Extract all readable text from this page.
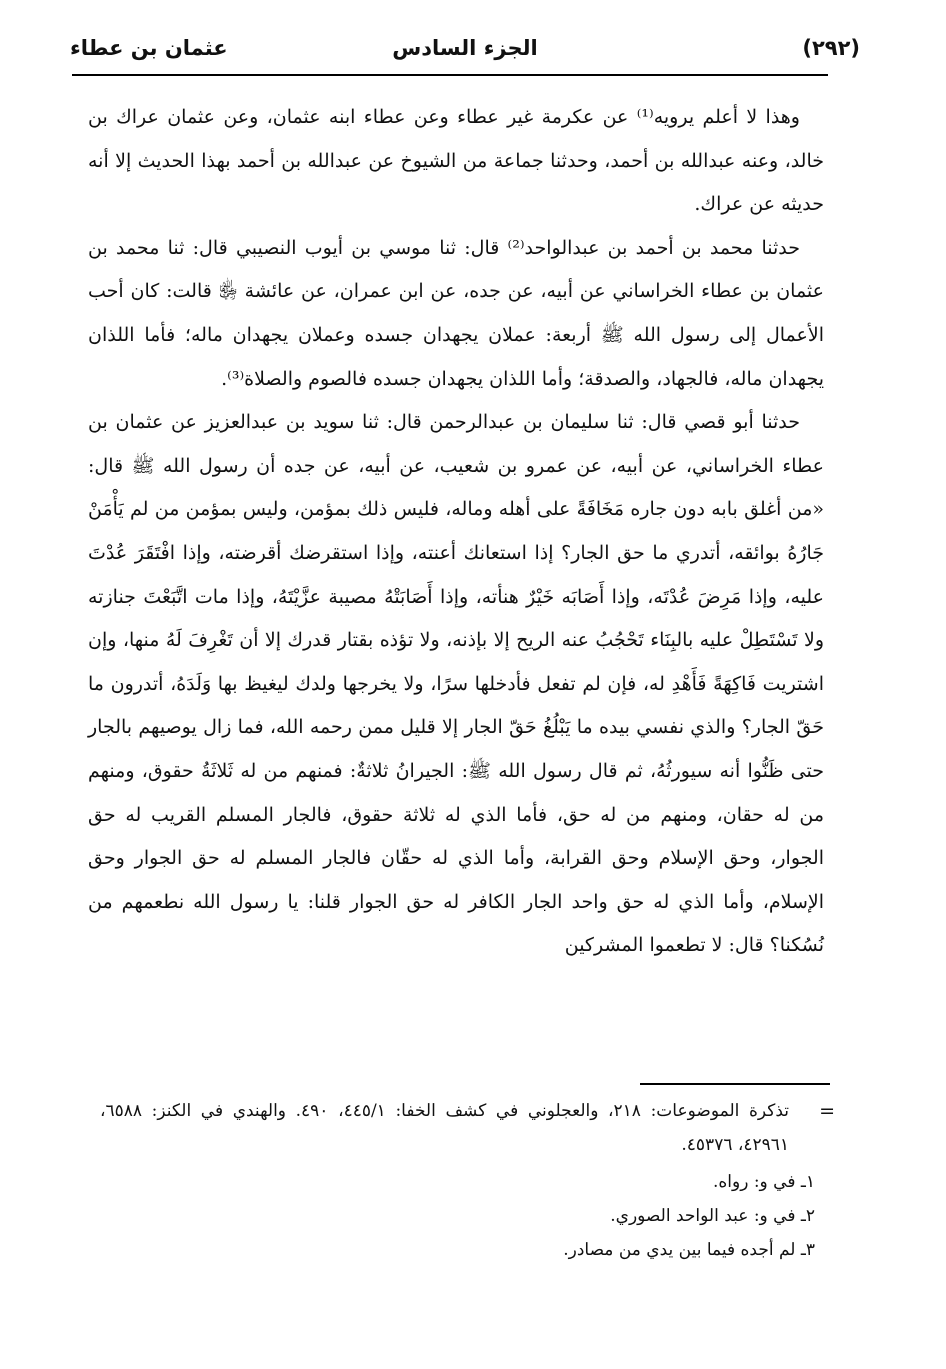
(٢٩٢)
الجزء السادس
عثمان بن عطاء

وهذا لا أعلم يرويه⁽¹⁾ عن عكرمة غير عطاء وعن عطاء ابنه عثمان، وعن عثمان عراك بن خالد، وعنه عبدالله بن أحمد، وحدثنا جماعة من الشيوخ عن عبدالله بن أحمد بهذا الحديث إلا أنه حديثه عن عراك.

حدثنا محمد بن أحمد بن عبدالواحد⁽²⁾ قال: ثنا موسي بن أيوب النصيبي قال: ثنا محمد بن عثمان بن عطاء الخراساني عن أبيه، عن جده، عن ابن عمران، عن عائشة ﵂ قالت: كان أحب الأعمال إلى رسول الله ﷺ أربعة: عملان يجهدان جسده وعملان يجهدان ماله؛ فأما اللذان يجهدان ماله، فالجهاد، والصدقة؛ وأما اللذان يجهدان جسده فالصوم والصلاة⁽³⁾.

حدثنا أبو قصي قال: ثنا سليمان بن عبدالرحمن قال: ثنا سويد بن عبدالعزيز عن عثمان بن عطاء الخراساني، عن أبيه، عن عمرو بن شعيب، عن أبيه، عن جده أن رسول الله ﷺ قال: «من أغلق بابه دون جاره مَخَافَةً على أهله وماله، فليس ذلك بمؤمن، وليس بمؤمن من لم يَأْمَنْ جَارُهُ بوائقه، أتدري ما حق الجار؟ إذا استعانك أعنته، وإذا استقرضك أقرضته، وإذا افْتَقَرَ عُدْتَ عليه، وإذا مَرِضَ عُدْتَه، وإذا أَصَابَه خَيْرٌ هنأته، وإذا أَصَابَتْهُ مصيبة عزَّيْتَهُ، وإذا مات اتَّبَعْتَ جنازته ولا تَسْتَطِلْ عليه بالبِنَاء تَحْجُبُ عنه الريح إلا بإذنه، ولا تؤذه بقتار قدرك إلا أن تَغْرِفَ لَهُ منها، وإن اشتريت فَاكِهَةً فَأَهْدِ له، فإن لم تفعل فأدخلها سرًا، ولا يخرجها ولدك ليغيظ بها وَلَدَهُ، أتدرون ما حَقّ الجار؟ والذي نفسي بيده ما يَبْلُغُ حَقّ الجار إلا قليل ممن رحمه الله، فما زال يوصيهم بالجار حتى ظَنُّوا أنه سيورثُهُ، ثم قال رسول الله ﷺ: الجيرانُ ثلاثةٌ: فمنهم من له ثَلاثَةُ حقوق، ومنهم من له حقان، ومنهم من له حق، فأما الذي له ثلاثة حقوق، فالجار المسلم القريب له حق الجوار، وحق الإسلام وحق القرابة، وأما الذي له حقّان فالجار المسلم له حق الجوار وحق الإسلام، وأما الذي له حق واحد الجار الكافر له حق الجوار قلنا: يا رسول الله نطعمهم من نُسُكنا؟ قال: لا تطعموا المشركين

=
تذكرة الموضوعات: ٢١٨، والعجلوني في كشف الخفا: ٤٤٥/١، ٤٩٠. والهندي في الكنز: ٦٥٨٨، ٤٢٩٦١، ٤٥٣٧٦.
١ـ في و: رواه.
٢ـ في و: عبد الواحد الصوري.
٣ـ لم أجده فيما بين يدي من مصادر.
